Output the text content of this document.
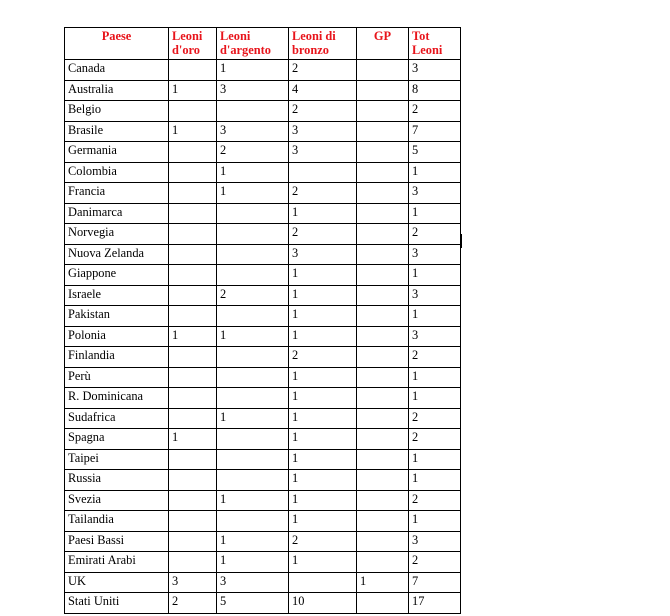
Paese	Leoni d'oro	Leoni d'argento	Leoni di bronzo	GP	Tot Leoni
Canada		1	2		3
Australia	1	3	4		8
Belgio			2		2
Brasile	1	3	3		7
Germania		2	3		5
Colombia		1			1
Francia		1	2		3
Danimarca			1		1
Norvegia			2		2
Nuova Zelanda			3		3
Giappone			1		1
Israele		2	1		3
Pakistan			1		1
Polonia	1	1	1		3
Finlandia			2		2
Perù			1		1
R. Dominicana			1		1
Sudafrica		1	1		2
Spagna	1		1		2
Taipei			1		1
Russia			1		1
Svezia		1	1		2
Tailandia			1		1
Paesi Bassi		1	2		3
Emirati Arabi		1	1		2
UK	3	3		1	7
Stati Uniti	2	5	10		17
